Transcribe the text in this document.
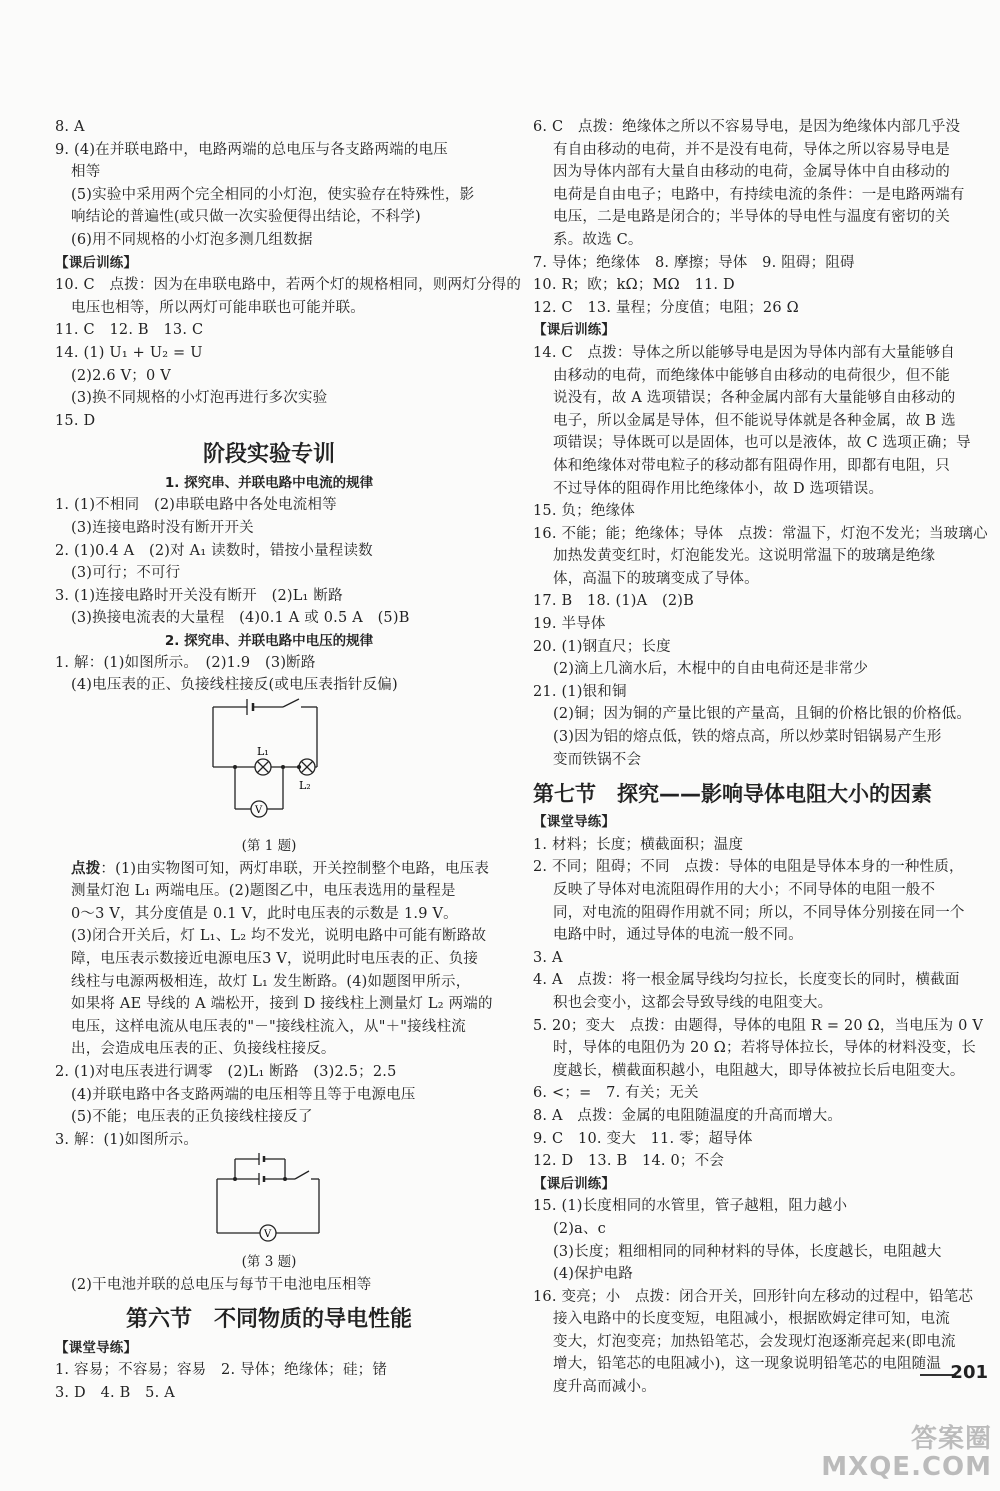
8. A
9. (4)在并联电路中，电路两端的总电压与各支路两端的电压
相等
(5)实验中采用两个完全相同的小灯泡，使实验存在特殊性，影
响结论的普遍性(或只做一次实验便得出结论，不科学)
(6)用不同规格的小灯泡多测几组数据
【课后训练】
10. C　点拨：因为在串联电路中，若两个灯的规格相同，则两灯分得的
电压也相等，所以两灯可能串联也可能并联。
11. C　12. B　13. C
14. (1) U₁ + U₂ = U
(2)2.6 V；0 V
(3)换不同规格的小灯泡再进行多次实验
15. D
阶段实验专训
1. 探究串、并联电路中电流的规律
1. (1)不相同　(2)串联电路中各处电流相等
(3)连接电路时没有断开开关
2. (1)0.4 A　(2)对 A₁ 读数时，错按小量程读数
(3)可行；不可行
3. (1)连接电路时开关没有断开　(2)L₁ 断路
(3)换接电流表的大量程　(4)0.1 A 或 0.5 A　(5)B
2. 探究串、并联电路中电压的规律
1. 解：(1)如图所示。　(2)1.9　(3)断路
(4)电压表的正、负接线柱接反(或电压表指针反偏)
L₁
L₂
V
(第 1 题)
点拨：(1)由实物图可知，两灯串联，开关控制整个电路，电压表
测量灯泡 L₁ 两端电压。(2)题图乙中，电压表选用的量程是
0～3 V，其分度值是 0.1 V，此时电压表的示数是 1.9 V。
(3)闭合开关后，灯 L₁、L₂ 均不发光，说明电路中可能有断路故
障，电压表示数接近电源电压3 V，说明此时电压表的正、负接
线柱与电源两极相连，故灯 L₁ 发生断路。(4)如题图甲所示，
如果将 AE 导线的 A 端松开，接到 D 接线柱上测量灯 L₂ 两端的
电压，这样电流从电压表的"－"接线柱流入，从"＋"接线柱流
出，会造成电压表的正、负接线柱接反。
2. (1)对电压表进行调零　(2)L₁ 断路　(3)2.5；2.5
(4)并联电路中各支路两端的电压相等且等于电源电压
(5)不能；电压表的正负接线柱接反了
3. 解：(1)如图所示。
V
(第 3 题)
(2)干电池并联的总电压与每节干电池电压相等
第六节　不同物质的导电性能
【课堂导练】
1. 容易；不容易；容易　2. 导体；绝缘体；硅；锗
3. D　4. B　5. A
6. C　点拨：绝缘体之所以不容易导电，是因为绝缘体内部几乎没
有自由移动的电荷，并不是没有电荷，导体之所以容易导电是
因为导体内部有大量自由移动的电荷，金属导体中自由移动的
电荷是自由电子；电路中，有持续电流的条件：一是电路两端有
电压，二是电路是闭合的；半导体的导电性与温度有密切的关
系。故选 C。
7. 导体；绝缘体　8. 摩擦；导体　9. 阻碍；阻碍
10. R；欧；kΩ；MΩ　11. D
12. C　13. 量程；分度值；电阻；26 Ω
【课后训练】
14. C　点拨：导体之所以能够导电是因为导体内部有大量能够自
由移动的电荷，而绝缘体中能够自由移动的电荷很少，但不能
说没有，故 A 选项错误；各种金属内部有大量能够自由移动的
电子，所以金属是导体，但不能说导体就是各种金属，故 B 选
项错误；导体既可以是固体，也可以是液体，故 C 选项正确；导
体和绝缘体对带电粒子的移动都有阻碍作用，即都有电阻，只
不过导体的阻碍作用比绝缘体小，故 D 选项错误。
15. 负；绝缘体
16. 不能；能；绝缘体；导体　点拨：常温下，灯泡不发光；当玻璃心
加热发黄变红时，灯泡能发光。这说明常温下的玻璃是绝缘
体，高温下的玻璃变成了导体。
17. B　18. (1)A　(2)B
19. 半导体
20. (1)钢直尺；长度
(2)滴上几滴水后，木棍中的自由电荷还是非常少
21. (1)银和铜
(2)铜；因为铜的产量比银的产量高，且铜的价格比银的价格低。
(3)因为铝的熔点低，铁的熔点高，所以炒菜时铝锅易产生形
变而铁锅不会
第七节　探究——影响导体电阻大小的因素
【课堂导练】
1. 材料；长度；横截面积；温度
2. 不同；阻碍；不同　点拨：导体的电阻是导体本身的一种性质，
反映了导体对电流阻碍作用的大小；不同导体的电阻一般不
同，对电流的阻碍作用就不同；所以，不同导体分别接在同一个
电路中时，通过导体的电流一般不同。
3. A
4. A　点拨：将一根金属导线均匀拉长，长度变长的同时，横截面
积也会变小，这都会导致导线的电阻变大。
5. 20；变大　点拨：由题得，导体的电阻 R = 20 Ω，当电压为 0 V
时，导体的电阻仍为 20 Ω；若将导体拉长，导体的材料没变，长
度越长，横截面积越小，电阻越大，即导体被拉长后电阻变大。
6. <；=　7. 有关；无关
8. A　点拨：金属的电阻随温度的升高而增大。
9. C　10. 变大　11. 零；超导体
12. D　13. B　14. 0；不会
【课后训练】
15. (1)长度相同的水管里，管子越粗，阻力越小
(2)a、c
(3)长度；粗细相同的同种材料的导体，长度越长，电阻越大
(4)保护电路
16. 变亮；小　点拨：闭合开关，回形针向左移动的过程中，铅笔芯
接入电路中的长度变短，电阻减小，根据欧姆定律可知，电流
变大，灯泡变亮；加热铅笔芯，会发现灯泡逐渐亮起来(即电流
增大，铅笔芯的电阻减小)，这一现象说明铅笔芯的电阻随温
度升高而减小。
201
答案圈
MXQE.COM
